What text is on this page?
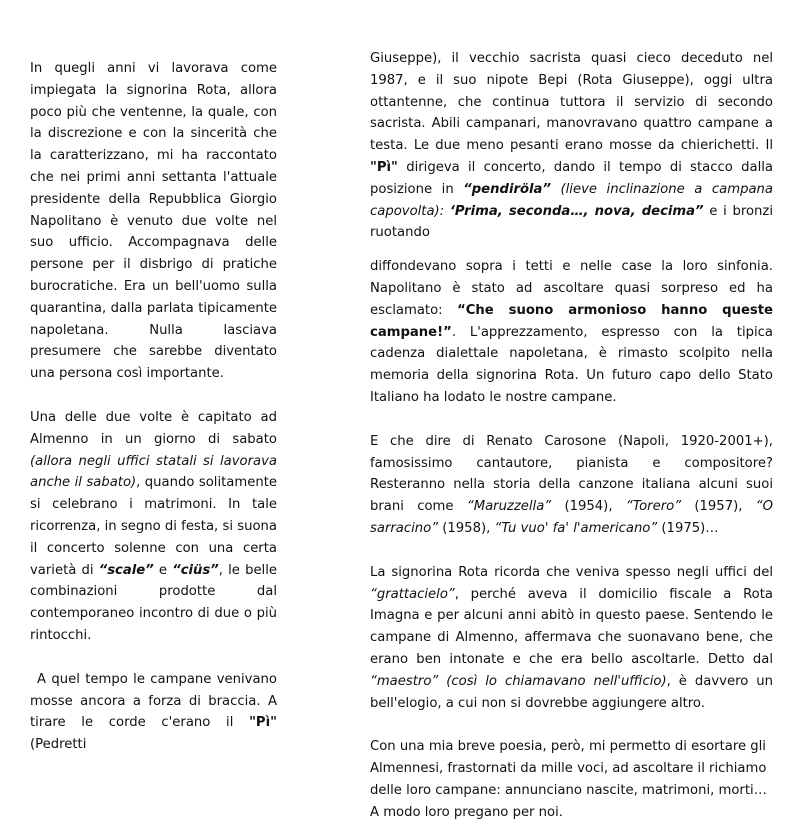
In quegli anni vi lavorava come impiegata la signorina Rota, allora poco più che ventenne, la quale, con la discrezione e con la sincerità che la caratterizzano, mi ha raccontato che nei primi anni settanta l'attuale presidente della Repubblica Giorgio Napolitano è venuto due volte nel suo ufficio. Accompagnava delle persone per il disbrigo di pratiche burocratiche. Era un bell'uomo sulla quarantina, dalla parlata tipicamente napoletana. Nulla lasciava presumere che sarebbe diventato una persona così importante.

Una delle due volte è capitato ad Almenno in un giorno di sabato (allora negli uffici statali si lavorava anche il sabato), quando solitamente si celebrano i matrimoni. In tale ricorrenza, in segno di festa, si suona il concerto solenne con una certa varietà di “scale” e “ciüs”, le belle combinazioni prodotte dal contemporaneo incontro di due o più rintocchi.

A quel tempo le campane venivano mosse ancora a forza di braccia. A tirare le corde c'erano il "Pì" (Pedretti

Giuseppe), il vecchio sacrista quasi cieco deceduto nel 1987, e il suo nipote Bepi (Rota Giuseppe), oggi ultra ottantenne, che continua tuttora il servizio di secondo sacrista. Abili campanari, manovravano quattro campane a testa. Le due meno pesanti erano mosse da chierichetti. Il "Pì" dirigeva il concerto, dando il tempo di stacco dalla posizione in “pendiröla” (lieve inclinazione a campana capovolta): ‘Prima, seconda…, nova, decima” e i bronzi ruotando

diffondevano sopra i tetti e nelle case la loro sinfonia. Napolitano è stato ad ascoltare quasi sorpreso ed ha esclamato: “Che suono armonioso hanno queste campane!”. L'apprezzamento, espresso con la tipica cadenza dialettale napoletana, è rimasto scolpito nella memoria della signorina Rota. Un futuro capo dello Stato Italiano ha lodato le nostre campane.

E che dire di Renato Carosone (Napoli, 1920-2001+), famosissimo cantautore, pianista e compositore? Resteranno nella storia della canzone italiana alcuni suoi brani come “Maruzzella” (1954), “Torero” (1957), “O sarracino” (1958), “Tu vuo' fa' l'americano” (1975)…

La signorina Rota ricorda che veniva spesso negli uffici del “grattacielo”, perché aveva il domicilio fiscale a Rota Imagna e per alcuni anni abitò in questo paese. Sentendo le campane di Almenno, affermava che suonavano bene, che erano ben intonate e che era bello ascoltarle. Detto dal “maestro” (così lo chiamavano nell'ufficio), è davvero un bell'elogio, a cui non si dovrebbe aggiungere altro.

Con una mia breve poesia, però, mi permetto di esortare gli Almennesi, frastornati da mille voci, ad ascoltare il richiamo delle loro campane: annunciano nascite, matrimoni, morti… A modo loro pregano per noi.
